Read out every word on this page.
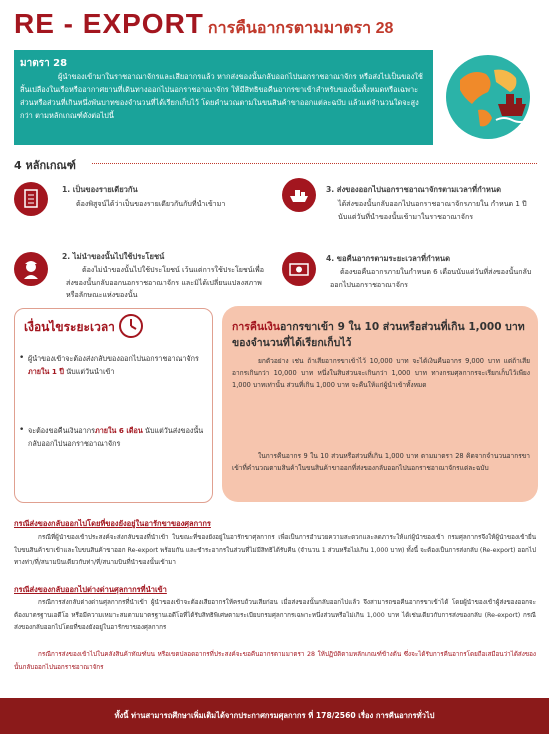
RE - EXPORT การคืนอากรตามมาตรา 28
มาตรา 28
ผู้นำของเข้ามาในราชอาณาจักรและเสียอากรแล้ว หากส่งของนั้นกลับออกไปนอกราชอาณาจักร หรือส่งไปเป็นของใช้สิ้นเปลืองในเรือหรืออากาศยานที่เดินทางออกไปนอกราชอาณาจักร ให้มีสิทธิขอคืนอากรขาเข้าสำหรับของนั้นทั้งหมดหรือเฉพาะส่วนหรือส่วนที่เกินหนึ่งพันบาทของจำนวนที่ได้เรียกเก็บไว้ โดยคำนวณตามในขนสินค้าขาออกแต่ละฉบับ แล้วแต่จำนวนใดจะสูงกว่า ตามหลักเกณฑ์ดังต่อไปนี้
4 หลักเกณฑ์
1. เป็นของรายเดียวกัน
ต้องพิสูจน์ได้ว่าเป็นของรายเดียวกันกับที่นำเข้ามา
3. ส่งของออกไปนอกราชอาณาจักรตามเวลาที่กำหนด
ได้ส่งของนั้นกลับออกไปนอกราชอาณาจักรภายใน กำหนด 1 ปี นับแต่วันที่นำของนั้นเข้ามาในราชอาณาจักร
2. ไม่นำของนั้นไปใช้ประโยชน์
ต้องไม่นำของนั้นไปใช้ประโยชน์ เว้นแต่การใช้ประโยชน์เพื่อส่งของนั้นกลับออกนอกราชอาณาจักร และมิได้เปลี่ยนแปลงสภาพหรือลักษณะแห่งของนั้น
4. ขอคืนอากรตามระยะเวลาที่กำหนด
ต้องขอคืนอากรภายในกำหนด 6 เดือนนับแต่วันที่ส่งของนั้นกลับออกไปนอกราชอาณาจักร
เงื่อนไขระยะเวลา
• ผู้นำของเข้าจะต้องส่งกลับของออกไปนอกราชอาณาจักรภายใน 1 ปี นับแต่วันนำเข้า
• จะต้องขอคืนเงินอากรภายใน 6 เดือน นับแต่วันส่งของนั้นกลับออกไปนอกราชอาณาจักร
การคืนเงินอากรขาเข้า 9 ใน 10 ส่วนหรือส่วนที่เกิน 1,000 บาท
ของจำนวนที่ได้เรียกเก็บไว้
ยกตัวอย่าง เช่น ถ้าเสียอากรขาเข้าไว้ 10,000 บาท จะได้เงินคืนอากร 9,000 บาท แต่ถ้าเสียอากรเกินกว่า 10,000 บาท หนึ่งในสิบส่วนจะเกินกว่า 1,000 บาท ทางกรมศุลกากรจะเรียกเก็บไว้เพียง 1,000 บาทเท่านั้น ส่วนที่เกิน 1,000 บาท จะคืนให้แก่ผู้นำเข้าทั้งหมด
ในการคืนอากร 9 ใน 10 ส่วนหรือส่วนที่เกิน 1,000 บาท ตามมาตรา 28 คิดจากจำนวนอากรขาเข้าที่คำนวณตามสินค้าในขนสินค้าขาออกที่ส่งของกลับออกไปนอกราชอาณาจักรแต่ละฉบับ
กรณีส่งของกลับออกไปโดยที่ของยังอยู่ในอารักขาของศุลกากร
กรณีที่ผู้นำของเข้าประสงค์จะส่งกลับของที่นำเข้า ในขณะที่ของยังอยู่ในอารักขาศุลกากร เพื่อเป็นการอำนวยความสะดวกและลดภาระให้แก่ผู้นำของเข้า กรมศุลกากรจึงให้ผู้นำของเข้ายื่นใบขนสินค้าขาเข้าและใบขนสินค้าขาออก Re-export พร้อมกัน และชำระอากรในส่วนที่ไม่มีสิทธิได้รับคืน (จำนวน 1 ส่วนหรือไม่เกิน 1,000 บาท) ทั้งนี้ จะต้องเป็นการส่งกลับ (Re-export) ออกไปทางท่า/ที่/สนามบินเดียวกับท่า/ที่/สนามบินที่นำของนั้นเข้ามา
กรณีส่งของกลับออกไปต่างด่านศุลกากรที่นำเข้า
กรณีการส่งกลับต่างด่านศุลกากรที่นำเข้า ผู้นำของเข้าจะต้องเสียอากรให้ครบถ้วนเสียก่อน เมื่อส่งของนั้นกลับออกไปแล้ว จึงสามารถขอคืนอากรขาเข้าได้ โดยผู้นำของเข้าผู้ส่งของออกจะต้องมาตรฐานเอดีโอ หรือมีความเหมาะสมตามมาตรฐานเอดีโอที่ได้รับสิทธิพิเศษตามระเบียบกรมศุลกากรเฉพาะหนึ่งส่วนหรือไม่เกิน 1,000 บาท ได้เช่นเดียวกับการส่งของกลับ (Re-export) กรณีส่งของกลับออกไปโดยที่ของยังอยู่ในอารักขาของศุลกากร
กรณีการส่งของเข้าไปในคลังสินค้าทัณฑ์บน หรือเขตปลอดอากรที่ประสงค์จะขอคืนอากรตามมาตรา 28 ให้ปฏิบัติตามหลักเกณฑ์ข้างต้น ซึ่งจะได้รับการคืนอากรโดยถือเสมือนว่าได้ส่งของนั้นกลับออกไปนอกราชอาณาจักร
ทั้งนี้ ท่านสามารถศึกษาเพิ่มเติมได้จากประกาศกรมศุลกากร ที่ 178/2560 เรื่อง การคืนอากรทั่วไป
